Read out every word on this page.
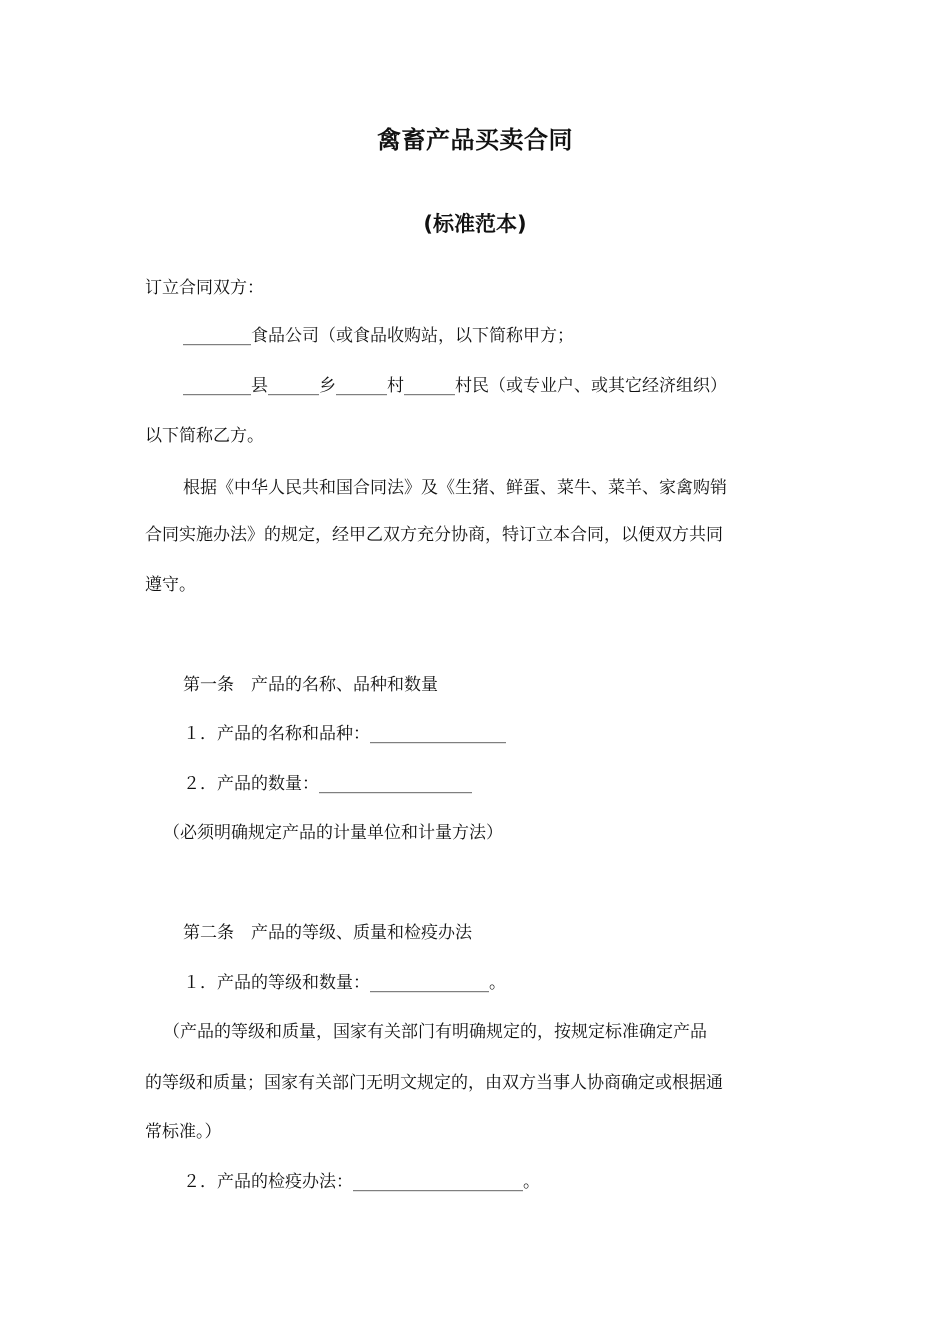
禽畜产品买卖合同
(标准范本)
订立合同双方：
________食品公司（或食品收购站，以下简称甲方；
________县______乡______村______村民（或专业户、或其它经济组织）
以下简称乙方。
根据《中华人民共和国合同法》及《生猪、鲜蛋、菜牛、菜羊、家禽购销
合同实施办法》的规定，经甲乙双方充分协商，特订立本合同，以便双方共同
遵守。
第一条　产品的名称、品种和数量
１．产品的名称和品种：________________
２．产品的数量：__________________
（必须明确规定产品的计量单位和计量方法）
第二条　产品的等级、质量和检疫办法
１．产品的等级和数量：______________。
（产品的等级和质量，国家有关部门有明确规定的，按规定标准确定产品
的等级和质量；国家有关部门无明文规定的，由双方当事人协商确定或根据通
常标准。）
２．产品的检疫办法：____________________。
